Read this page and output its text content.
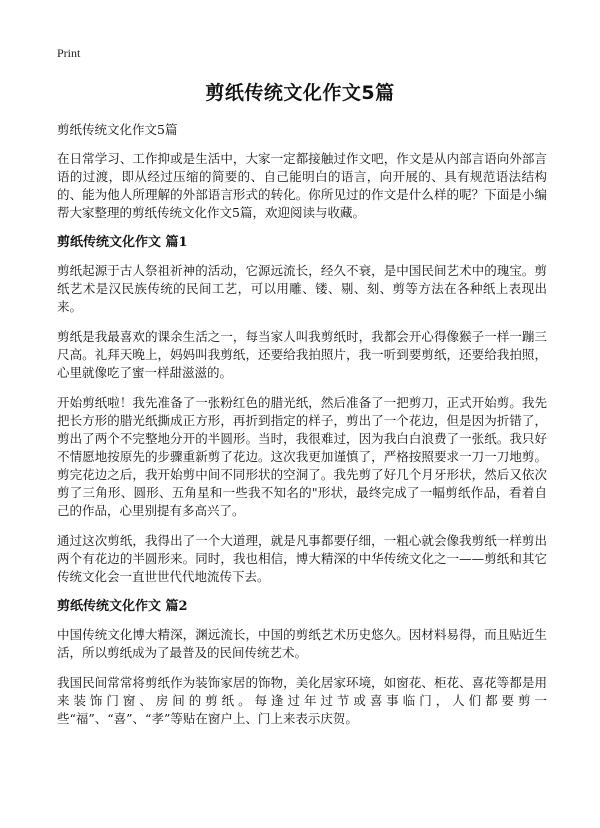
Print
剪纸传统文化作文5篇

剪纸传统文化作文5篇

在日常学习、工作抑或是生活中，大家一定都接触过作文吧，作文是从内部言语向外部言语的过渡，即从经过压缩的简要的、自己能明白的语言，向开展的、具有规范语法结构的、能为他人所理解的外部语言形式的转化。你所见过的作文是什么样的呢？下面是小编帮大家整理的剪纸传统文化作文5篇，欢迎阅读与收藏。

剪纸传统文化作文 篇1

剪纸起源于古人祭祖祈神的活动，它源远流长，经久不衰，是中国民间艺术中的瑰宝。剪纸艺术是汉民族传统的民间工艺，可以用雕、镂、剔、刻、剪等方法在各种纸上表现出来。

剪纸是我最喜欢的课余生活之一，每当家人叫我剪纸时，我都会开心得像猴子一样一蹦三尺高。礼拜天晚上，妈妈叫我剪纸，还要给我拍照片，我一听到要剪纸，还要给我拍照，心里就像吃了蜜一样甜滋滋的。

开始剪纸啦！我先准备了一张粉红色的腊光纸，然后准备了一把剪刀，正式开始剪。我先把长方形的腊光纸撕成正方形，再折到指定的样子，剪出了一个花边，但是因为折错了，剪出了两个不完整地分开的半圆形。当时，我很难过，因为我白白浪费了一张纸。我只好不情愿地按原先的步骤重新剪了花边。这次我更加谨慎了，严格按照要求一刀一刀地剪。剪完花边之后，我开始剪中间不同形状的空洞了。我先剪了好几个月牙形状，然后又依次剪了三角形、圆形、五角星和一些我不知名的"形状，最终完成了一幅剪纸作品，看着自己的作品，心里别提有多高兴了。

通过这次剪纸，我得出了一个大道理，就是凡事都要仔细，一粗心就会像我剪纸一样剪出两个有花边的半圆形来。同时，我也相信，博大精深的中华传统文化之一——剪纸和其它传统文化会一直世世代代地流传下去。

剪纸传统文化作文 篇2

中国传统文化博大精深，渊远流长，中国的剪纸艺术历史悠久。因材料易得，而且贴近生活，所以剪纸成为了最普及的民间传统艺术。

我国民间常常将剪纸作为装饰家居的饰物，美化居家环境，如窗花、柜花、喜花等都是用来装饰门窗、房间的剪纸。每逢过年过节或喜事临门，人们都要剪一些“福”、“喜”、“孝”等贴在窗户上、门上来表示庆贺。
